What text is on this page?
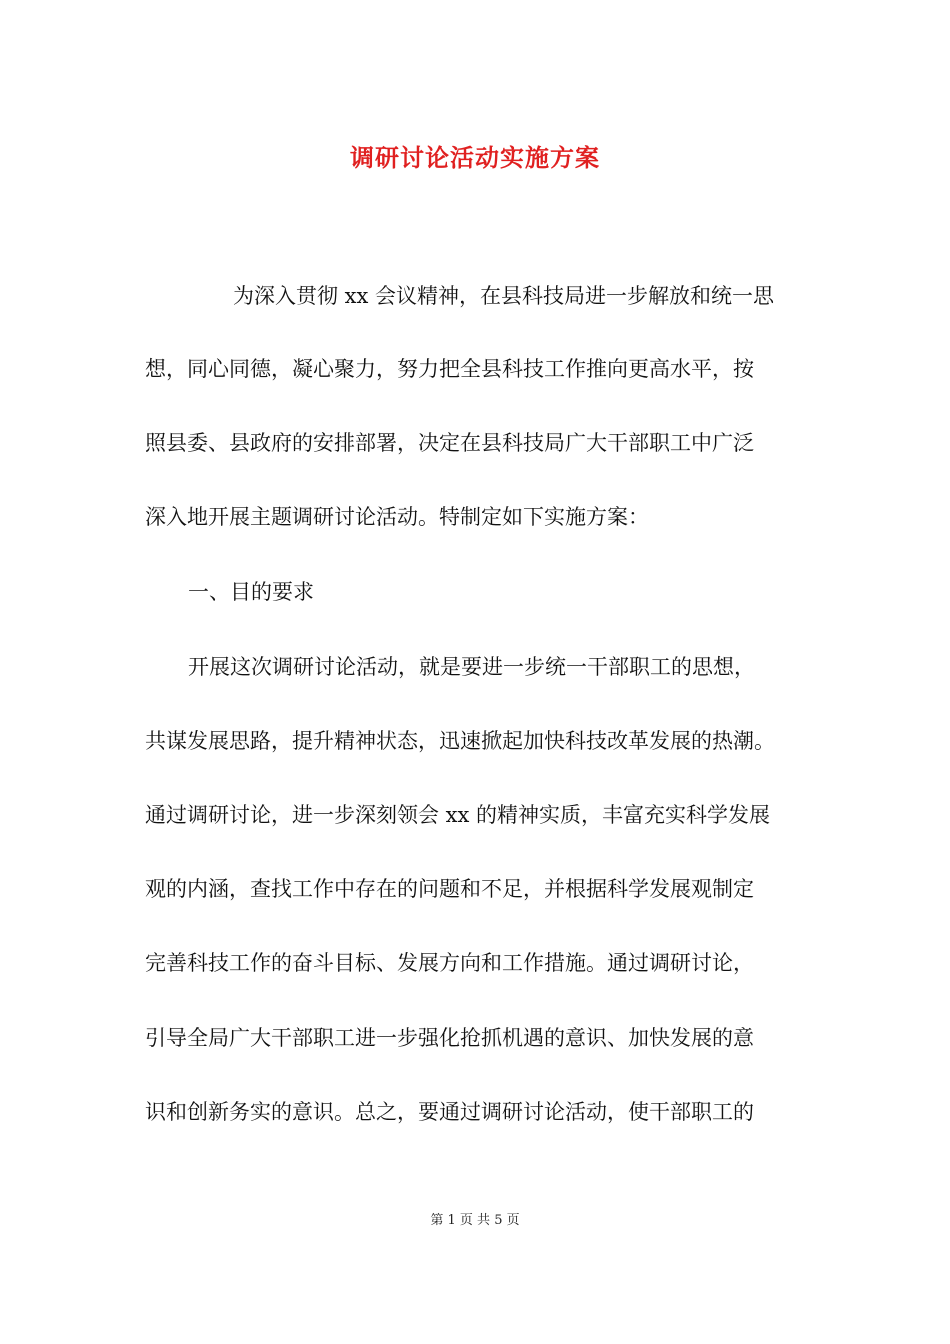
调研讨论活动实施方案
为深入贯彻 xx 会议精神，在县科技局进一步解放和统一思
想，同心同德，凝心聚力，努力把全县科技工作推向更高水平，按
照县委、县政府的安排部署，决定在县科技局广大干部职工中广泛
深入地开展主题调研讨论活动。特制定如下实施方案：
一、目的要求
开展这次调研讨论活动，就是要进一步统一干部职工的思想，
共谋发展思路，提升精神状态，迅速掀起加快科技改革发展的热潮。
通过调研讨论，进一步深刻领会 xx 的精神实质，丰富充实科学发展
观的内涵，查找工作中存在的问题和不足，并根据科学发展观制定
完善科技工作的奋斗目标、发展方向和工作措施。通过调研讨论，
引导全局广大干部职工进一步强化抢抓机遇的意识、加快发展的意
识和创新务实的意识。总之，要通过调研讨论活动，使干部职工的
第 1 页 共 5 页
